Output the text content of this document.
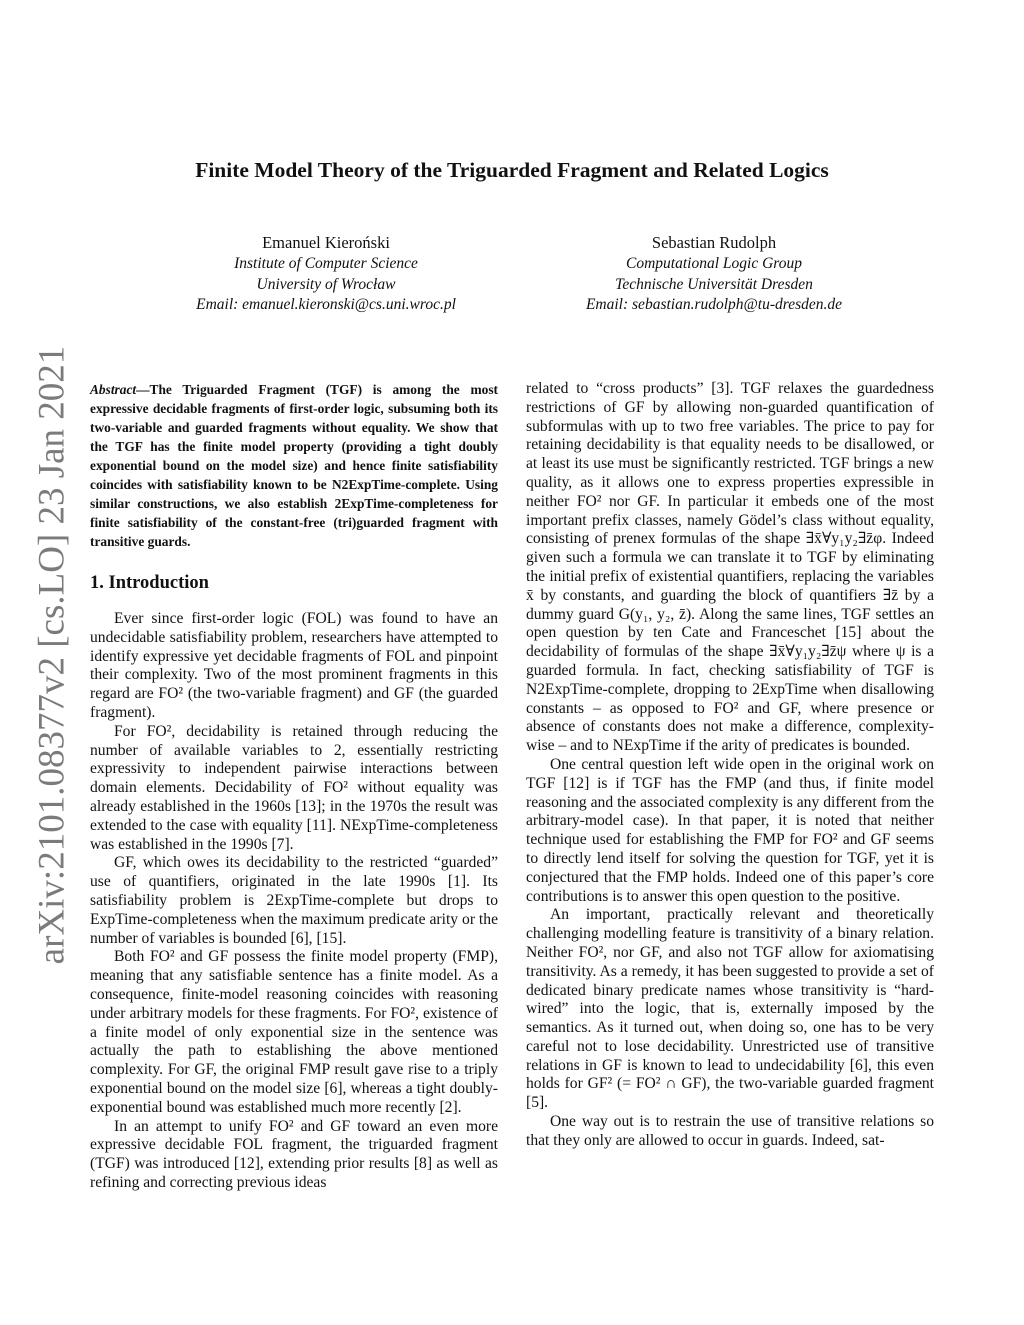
arXiv:2101.08377v2 [cs.LO] 23 Jan 2021
Finite Model Theory of the Triguarded Fragment and Related Logics
Emanuel Kieroński
Institute of Computer Science
University of Wrocław
Email: emanuel.kieronski@cs.uni.wroc.pl
Sebastian Rudolph
Computational Logic Group
Technische Universität Dresden
Email: sebastian.rudolph@tu-dresden.de

Abstract—The Triguarded Fragment (TGF) is among the most expressive decidable fragments of first-order logic, subsuming both its two-variable and guarded fragments without equality. We show that the TGF has the finite model property (providing a tight doubly exponential bound on the model size) and hence finite satisfiability coincides with satisfiability known to be N2ExpTime-complete. Using similar constructions, we also establish 2ExpTime-completeness for finite satisfiability of the constant-free (tri)guarded fragment with transitive guards.

1. Introduction

Ever since first-order logic (FOL) was found to have an undecidable satisfiability problem, researchers have attempted to identify expressive yet decidable fragments of FOL and pinpoint their complexity. Two of the most prominent fragments in this regard are FO² (the two-variable fragment) and GF (the guarded fragment).

For FO², decidability is retained through reducing the number of available variables to 2, essentially restricting expressivity to independent pairwise interactions between domain elements. Decidability of FO² without equality was already established in the 1960s [13]; in the 1970s the result was extended to the case with equality [11]. NExpTime-completeness was established in the 1990s [7].

GF, which owes its decidability to the restricted “guarded” use of quantifiers, originated in the late 1990s [1]. Its satisfiability problem is 2ExpTime-complete but drops to ExpTime-completeness when the maximum predicate arity or the number of variables is bounded [6], [15].

Both FO² and GF possess the finite model property (FMP), meaning that any satisfiable sentence has a finite model. As a consequence, finite-model reasoning coincides with reasoning under arbitrary models for these fragments. For FO², existence of a finite model of only exponential size in the sentence was actually the path to establishing the above mentioned complexity. For GF, the original FMP result gave rise to a triply exponential bound on the model size [6], whereas a tight doubly-exponential bound was established much more recently [2].

In an attempt to unify FO² and GF toward an even more expressive decidable FOL fragment, the triguarded fragment (TGF) was introduced [12], extending prior results [8] as well as refining and correcting previous ideas

related to “cross products” [3]. TGF relaxes the guardedness restrictions of GF by allowing non-guarded quantification of subformulas with up to two free variables. The price to pay for retaining decidability is that equality needs to be disallowed, or at least its use must be significantly restricted. TGF brings a new quality, as it allows one to express properties expressible in neither FO² nor GF. In particular it embeds one of the most important prefix classes, namely Gödel’s class without equality, consisting of prenex formulas of the shape ∃x̄∀y₁y₂∃z̄φ. Indeed given such a formula we can translate it to TGF by eliminating the initial prefix of existential quantifiers, replacing the variables x̄ by constants, and guarding the block of quantifiers ∃z̄ by a dummy guard G(y₁, y₂, z̄). Along the same lines, TGF settles an open question by ten Cate and Franceschet [15] about the decidability of formulas of the shape ∃x̄∀y₁y₂∃z̄ψ where ψ is a guarded formula. In fact, checking satisfiability of TGF is N2ExpTime-complete, dropping to 2ExpTime when disallowing constants – as opposed to FO² and GF, where presence or absence of constants does not make a difference, complexity-wise – and to NExpTime if the arity of predicates is bounded.

One central question left wide open in the original work on TGF [12] is if TGF has the FMP (and thus, if finite model reasoning and the associated complexity is any different from the arbitrary-model case). In that paper, it is noted that neither technique used for establishing the FMP for FO² and GF seems to directly lend itself for solving the question for TGF, yet it is conjectured that the FMP holds. Indeed one of this paper’s core contributions is to answer this open question to the positive.

An important, practically relevant and theoretically challenging modelling feature is transitivity of a binary relation. Neither FO², nor GF, and also not TGF allow for axiomatising transitivity. As a remedy, it has been suggested to provide a set of dedicated binary predicate names whose transitivity is “hard-wired” into the logic, that is, externally imposed by the semantics. As it turned out, when doing so, one has to be very careful not to lose decidability. Unrestricted use of transitive relations in GF is known to lead to undecidability [6], this even holds for GF² (= FO² ∩ GF), the two-variable guarded fragment [5].

One way out is to restrain the use of transitive relations so that they only are allowed to occur in guards. Indeed, sat-
